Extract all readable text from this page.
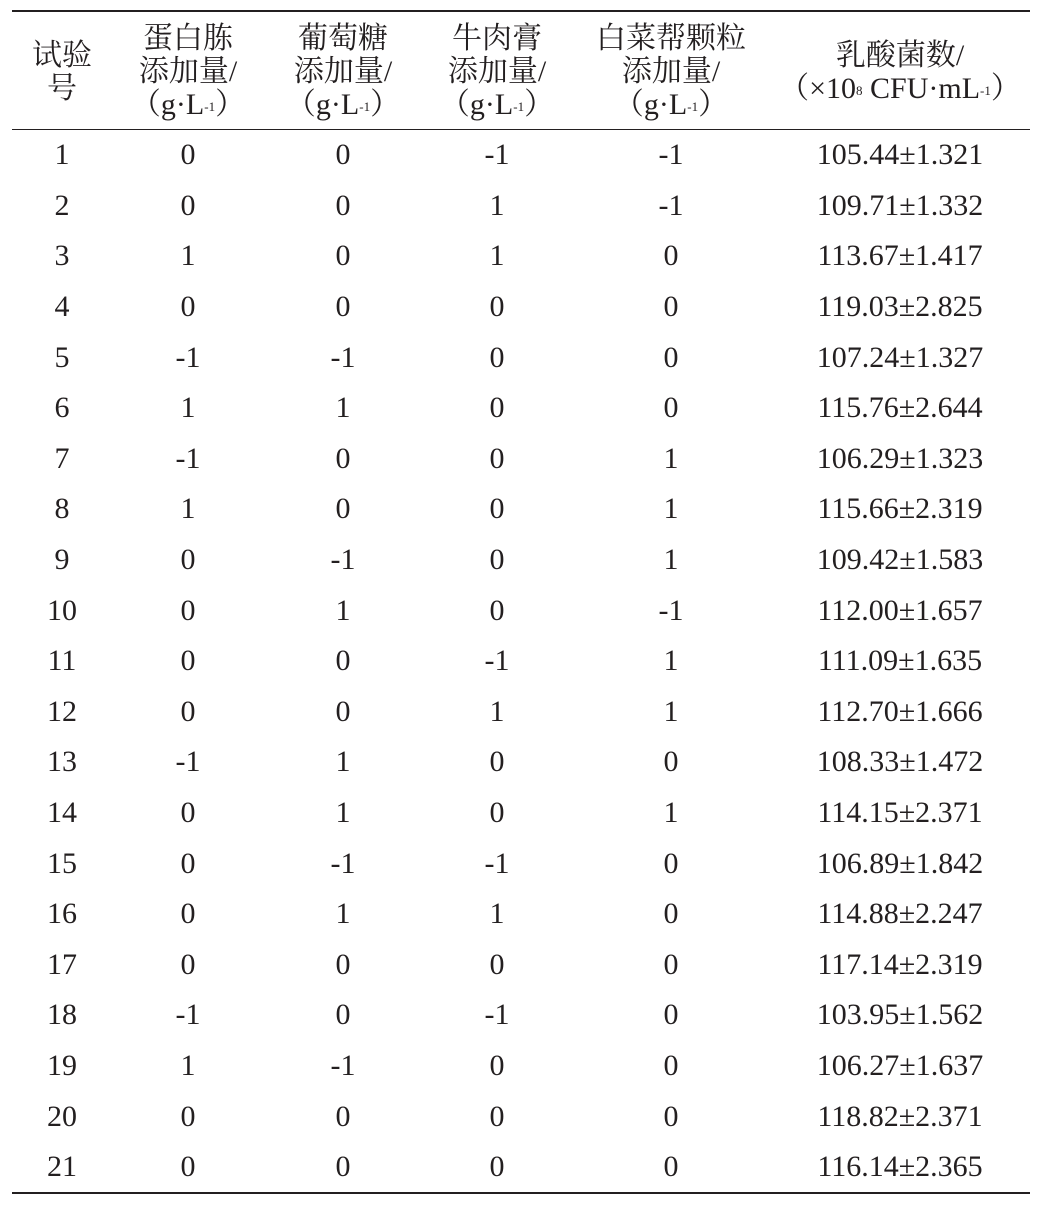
试验
号	蛋白胨
添加量/
$(g\cdot L^{-1})$	葡萄糖
添加量/
$(g\cdot L^{-1})$	牛肉膏
添加量/
$(g\cdot L^{-1})$	白菜帮颗粒
添加量/
$(g\cdot L^{-1})$	乳酸菌数/
（$\times 10^8$ $CFU\cdot mL^{-1}$）

1	0	0	-1	-1	105.44±1.321
2	0	0	1	-1	109.71±1.332
3	1	0	1	0	113.67±1.417
4	0	0	0	0	119.03±2.825
5	-1	-1	0	0	107.24±1.327
6	1	1	0	0	115.76±2.644
7	-1	0	0	1	106.29±1.323
8	1	0	0	1	115.66±2.319
9	0	-1	0	1	109.42±1.583
10	0	1	0	-1	112.00±1.657
11	0	0	-1	1	111.09±1.635
12	0	0	1	1	112.70±1.666
13	-1	1	0	0	108.33±1.472
14	0	1	0	1	114.15±2.371
15	0	-1	-1	0	106.89±1.842
16	0	1	1	0	114.88±2.247
17	0	0	0	0	117.14±2.319
18	-1	0	-1	0	103.95±1.562
19	1	-1	0	0	106.27±1.637
20	0	0	0	0	118.82±2.371
21	0	0	0	0	116.14±2.365
